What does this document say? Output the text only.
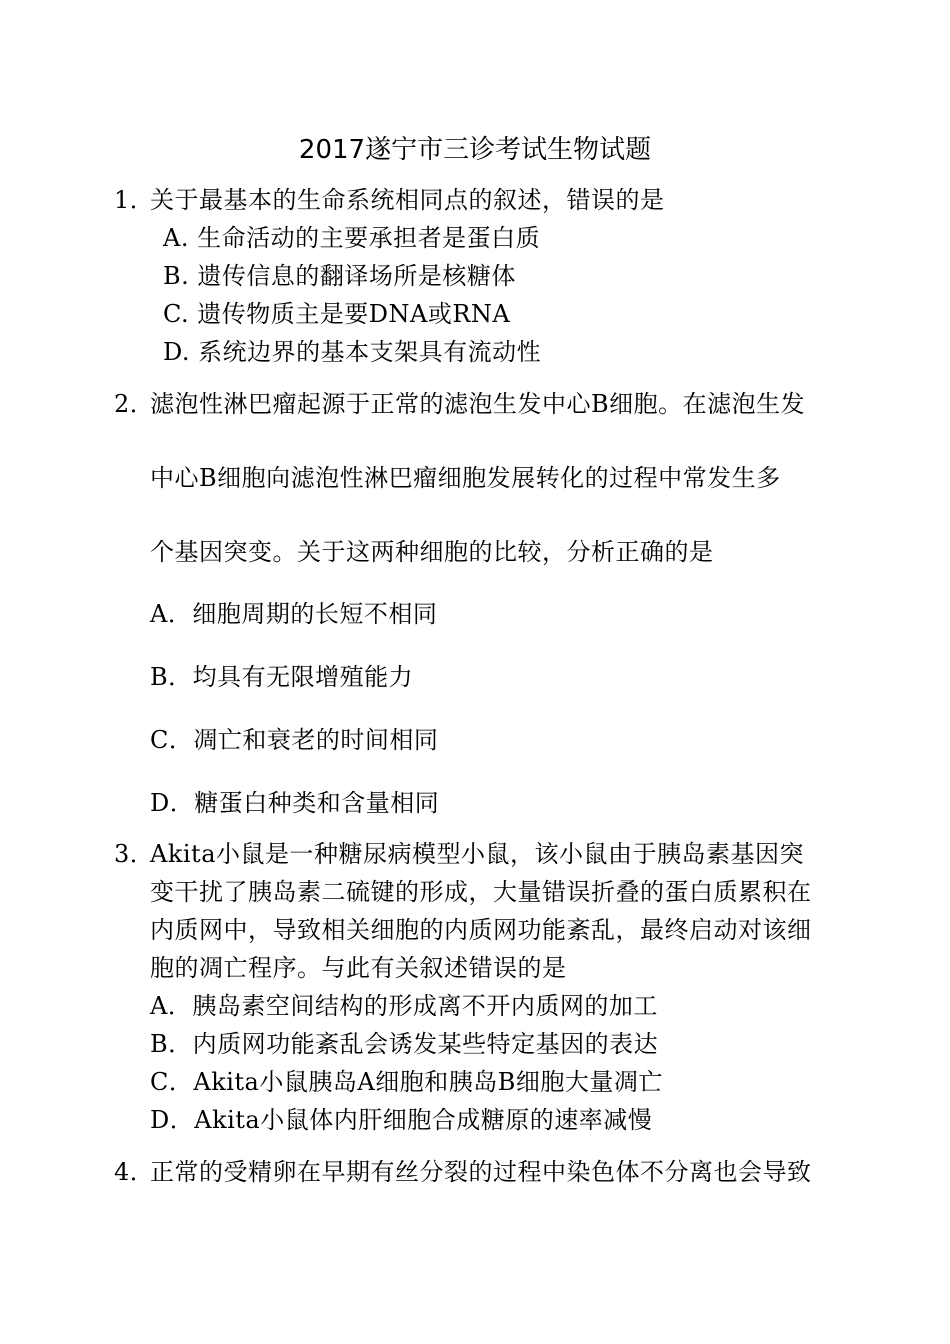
2017遂宁市三诊考试生物试题
1．关于最基本的生命系统相同点的叙述，错误的是
A. 生命活动的主要承担者是蛋白质
B. 遗传信息的翻译场所是核糖体
C. 遗传物质主是要DNA或RNA
D. 系统边界的基本支架具有流动性
2．滤泡性淋巴瘤起源于正常的滤泡生发中心B细胞。在滤泡生发
中心B细胞向滤泡性淋巴瘤细胞发展转化的过程中常发生多
个基因突变。关于这两种细胞的比较，分析正确的是
A．细胞周期的长短不相同
B．均具有无限增殖能力
C．凋亡和衰老的时间相同
D．糖蛋白种类和含量相同
3．Akita小鼠是一种糖尿病模型小鼠，该小鼠由于胰岛素基因突
变干扰了胰岛素二硫键的形成，大量错误折叠的蛋白质累积在
内质网中，导致相关细胞的内质网功能紊乱，最终启动对该细
胞的凋亡程序。与此有关叙述错误的是
A．胰岛素空间结构的形成离不开内质网的加工
B．内质网功能紊乱会诱发某些特定基因的表达
C．Akita小鼠胰岛A细胞和胰岛B细胞大量凋亡
D．Akita小鼠体内肝细胞合成糖原的速率减慢
4．正常的受精卵在早期有丝分裂的过程中染色体不分离也会导致
